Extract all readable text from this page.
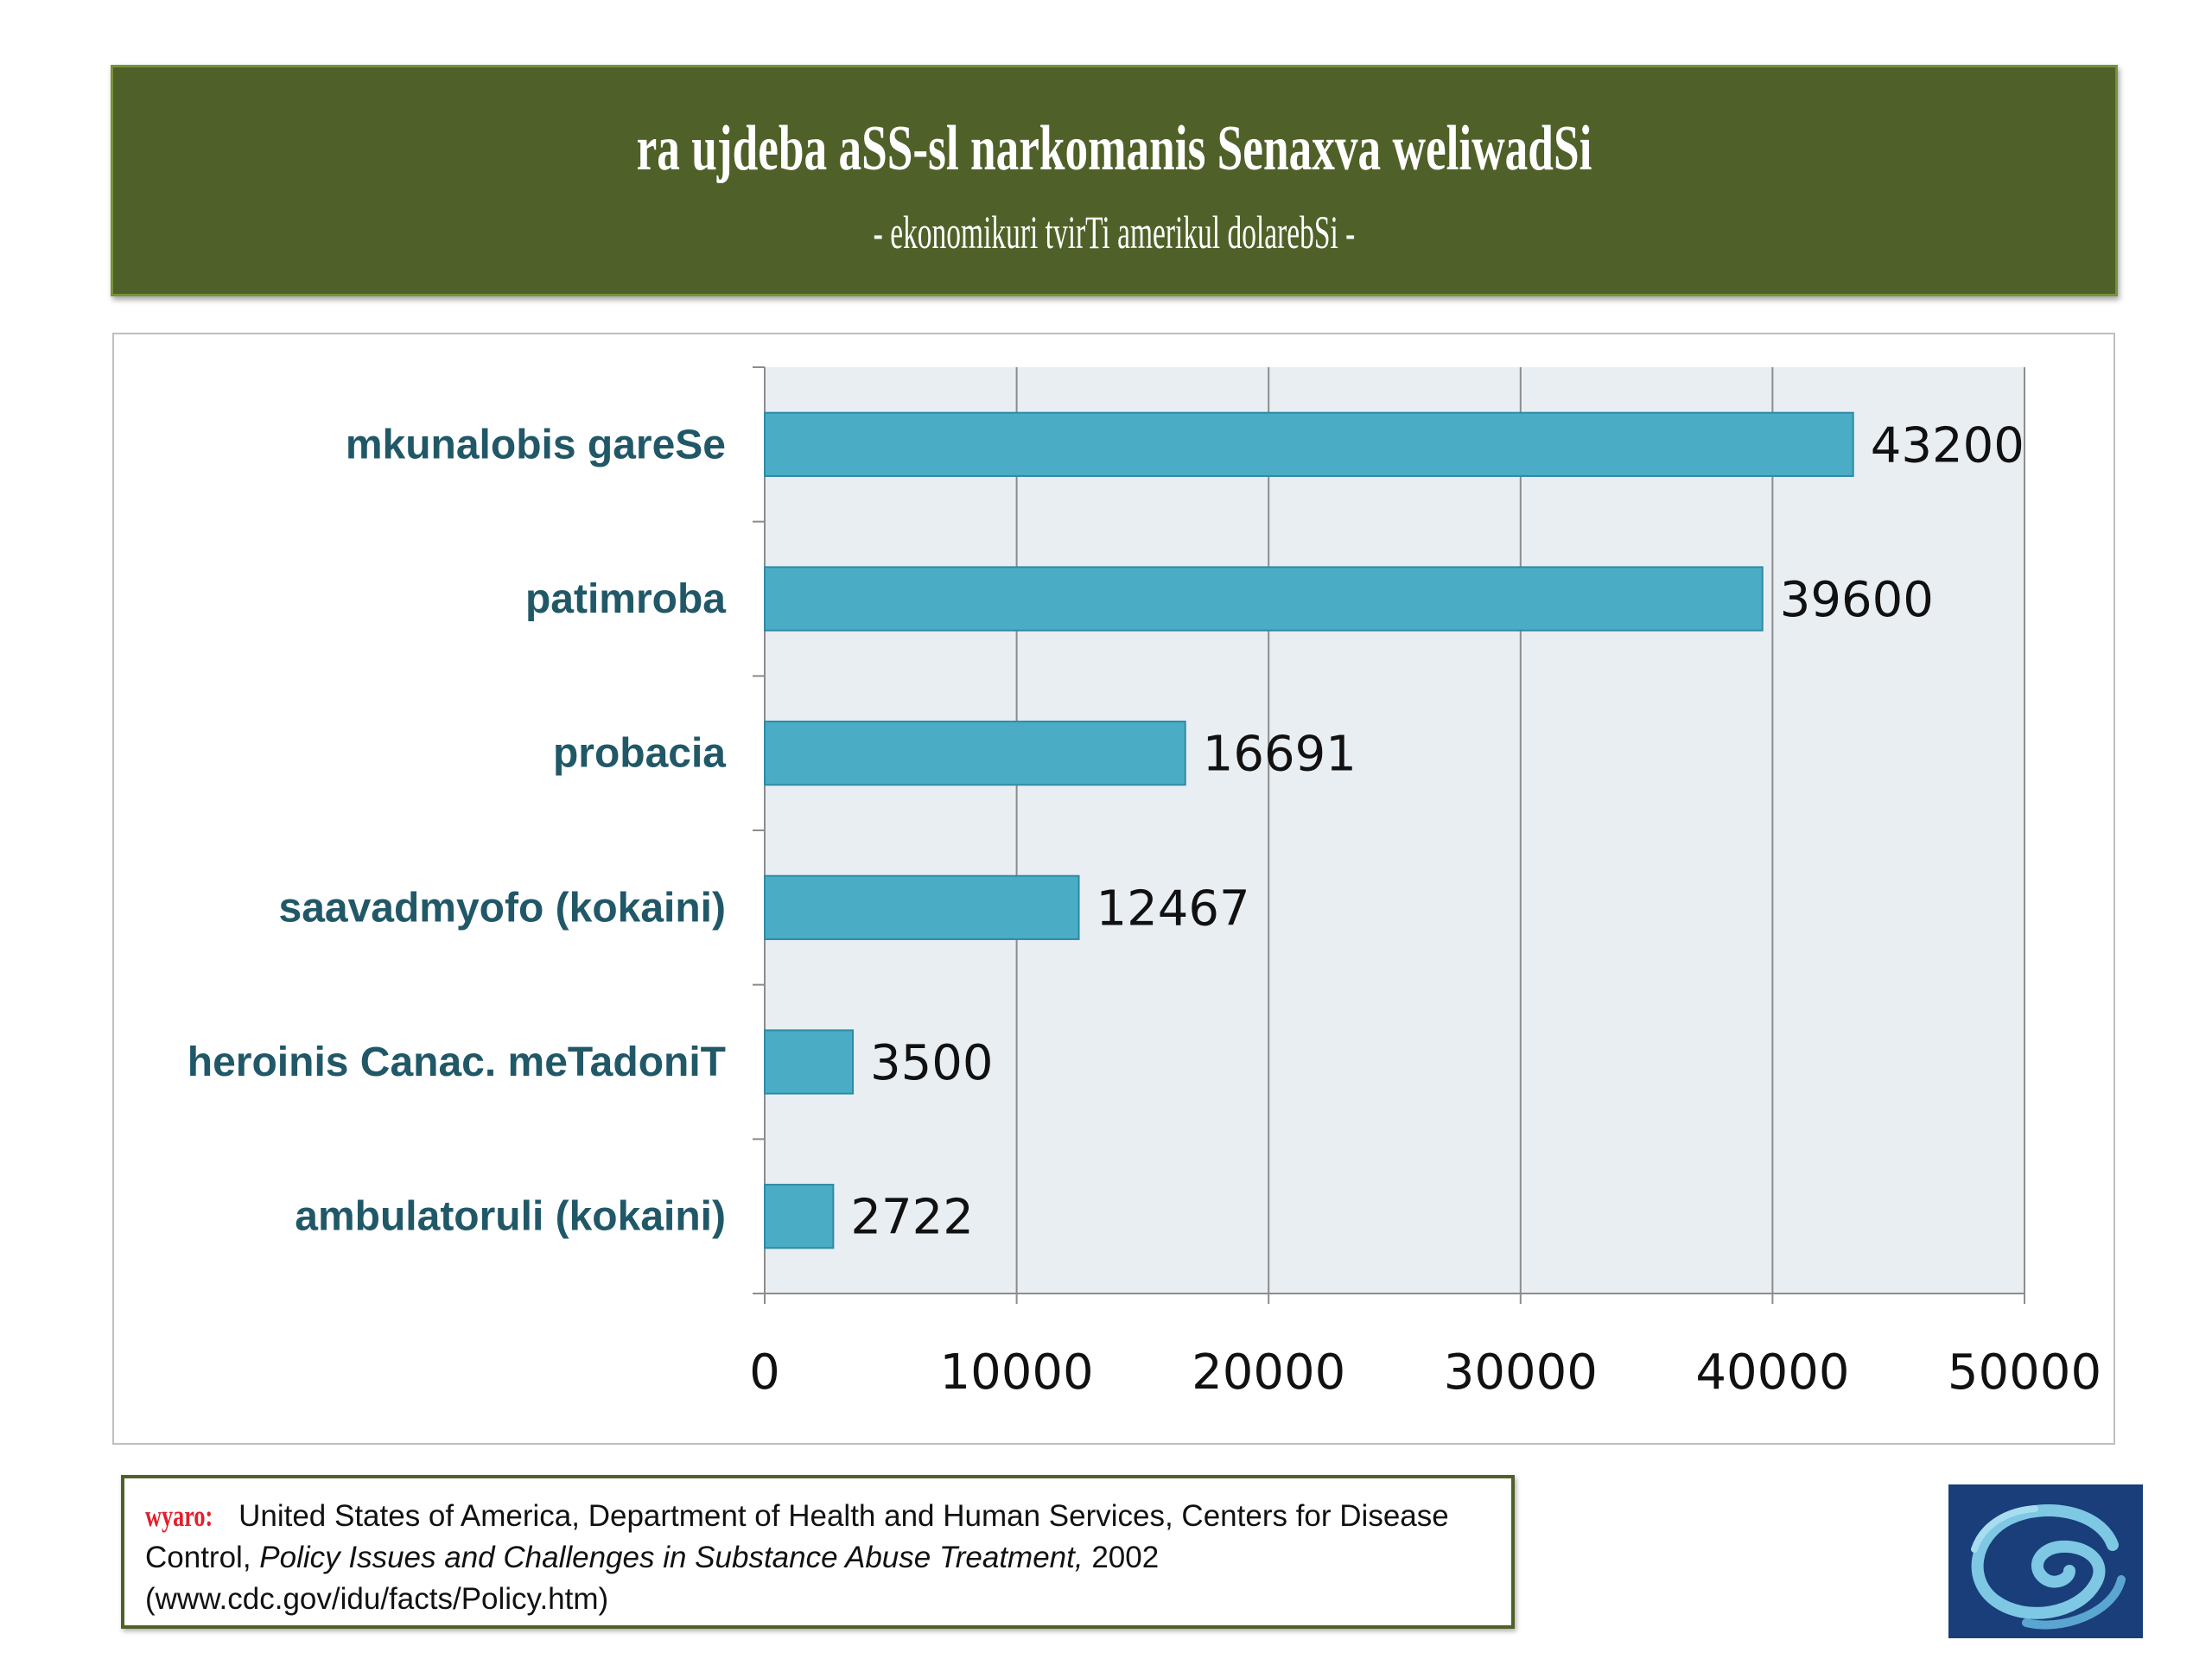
ra ujdeba aSS-sl narkomanis Senaxva weliwadSi
- ekonomikuri tvirTi amerikul dolarebSi -
0	10000 20000 30000 40000 50000
43200
mkunalobis gareSe
39600
patimroba
16691
probacia
12467
saavadmyofo (kokaini)
3500
heroinis Canac. meTadoniT
2722
ambulatoruli (kokaini)
wyaro: United States of America, Department of Health and Human Services, Centers for Disease Control, Policy Issues and Challenges in Substance Abuse Treatment, 2002 (www.cdc.gov/idu/facts/Policy.htm)
